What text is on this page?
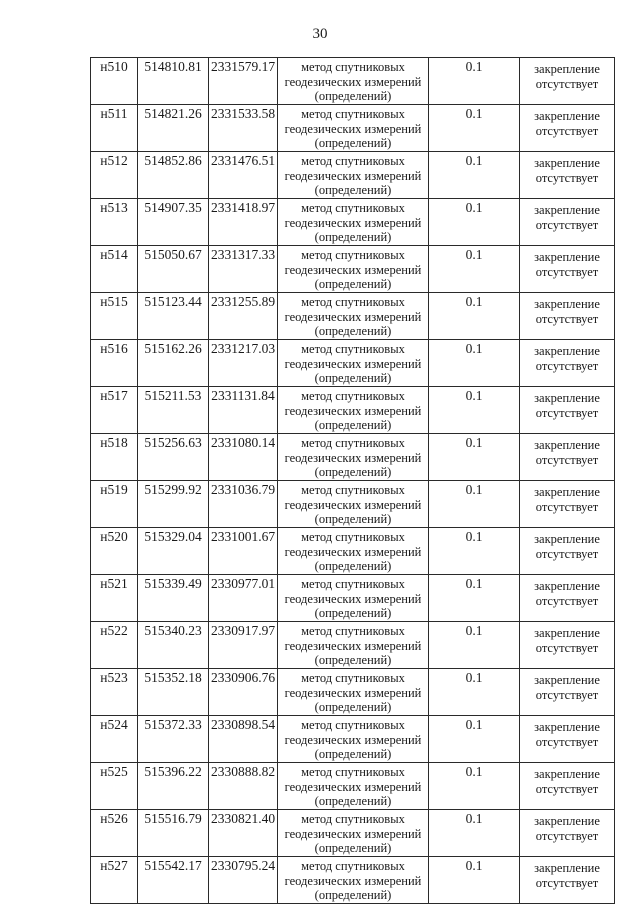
30
н510	514810.81	2331579.17	метод спутниковых
геодезических измерений
(определений)	0.1	закрепление
отсутствует

н511	514821.26	2331533.58	метод спутниковых
геодезических измерений
(определений)	0.1	закрепление
отсутствует

н512	514852.86	2331476.51	метод спутниковых
геодезических измерений
(определений)	0.1	закрепление
отсутствует

н513	514907.35	2331418.97	метод спутниковых
геодезических измерений
(определений)	0.1	закрепление
отсутствует

н514	515050.67	2331317.33	метод спутниковых
геодезических измерений
(определений)	0.1	закрепление
отсутствует

н515	515123.44	2331255.89	метод спутниковых
геодезических измерений
(определений)	0.1	закрепление
отсутствует

н516	515162.26	2331217.03	метод спутниковых
геодезических измерений
(определений)	0.1	закрепление
отсутствует

н517	515211.53	2331131.84	метод спутниковых
геодезических измерений
(определений)	0.1	закрепление
отсутствует

н518	515256.63	2331080.14	метод спутниковых
геодезических измерений
(определений)	0.1	закрепление
отсутствует

н519	515299.92	2331036.79	метод спутниковых
геодезических измерений
(определений)	0.1	закрепление
отсутствует

н520	515329.04	2331001.67	метод спутниковых
геодезических измерений
(определений)	0.1	закрепление
отсутствует

н521	515339.49	2330977.01	метод спутниковых
геодезических измерений
(определений)	0.1	закрепление
отсутствует

н522	515340.23	2330917.97	метод спутниковых
геодезических измерений
(определений)	0.1	закрепление
отсутствует

н523	515352.18	2330906.76	метод спутниковых
геодезических измерений
(определений)	0.1	закрепление
отсутствует

н524	515372.33	2330898.54	метод спутниковых
геодезических измерений
(определений)	0.1	закрепление
отсутствует

н525	515396.22	2330888.82	метод спутниковых
геодезических измерений
(определений)	0.1	закрепление
отсутствует

н526	515516.79	2330821.40	метод спутниковых
геодезических измерений
(определений)	0.1	закрепление
отсутствует

н527	515542.17	2330795.24	метод спутниковых
геодезических измерений
(определений)	0.1	закрепление
отсутствует
